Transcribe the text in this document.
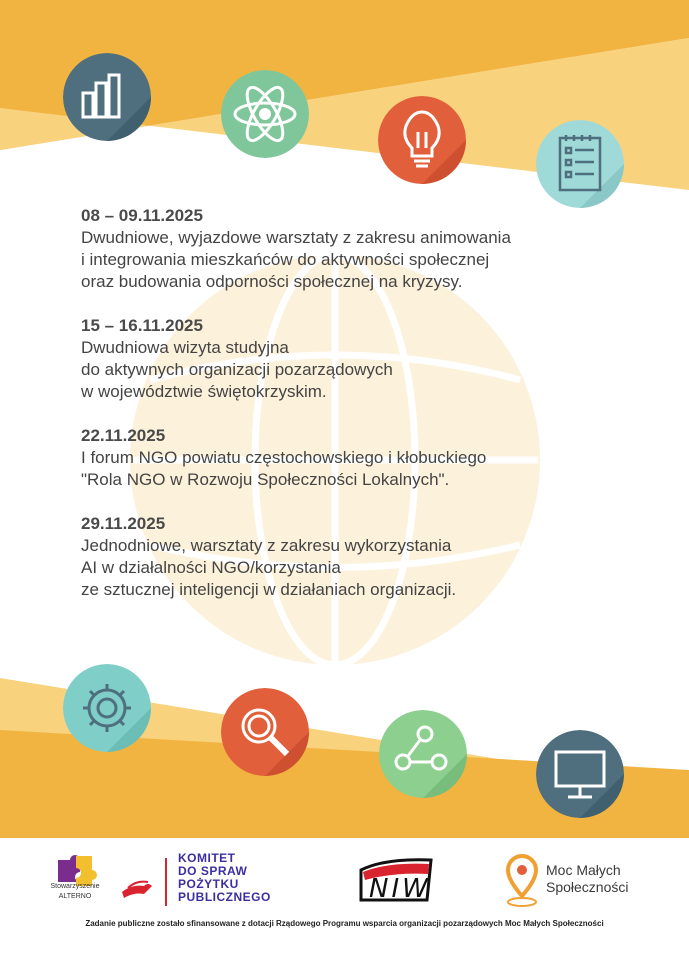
08 – 09.11.2025
Dwudniowe, wyjazdowe warsztaty z zakresu animowania
i integrowania mieszkańców do aktywności społecznej
oraz budowania odporności społecznej na kryzysy.
15 – 16.11.2025
Dwudniowa wizyta studyjna
do aktywnych organizacji pozarządowych
w województwie świętokrzyskim.
22.11.2025
I forum NGO powiatu częstochowskiego i kłobuckiego
"Rola NGO w Rozwoju Społeczności Lokalnych".
29.11.2025
Jednodniowe, warsztaty z zakresu wykorzystania
AI w działalności NGO/korzystania
ze sztucznej inteligencji w działaniach organizacji.
Stowarzyszenie
ALTERNO
KOMITET
DO SPRAW
POŻYTKU
PUBLICZNEGO	NIW
Moc Małych
Społeczności
Zadanie publiczne zostało sfinansowane z dotacji Rządowego Programu wsparcia organizacji pozarządowych Moc Małych Społeczności
